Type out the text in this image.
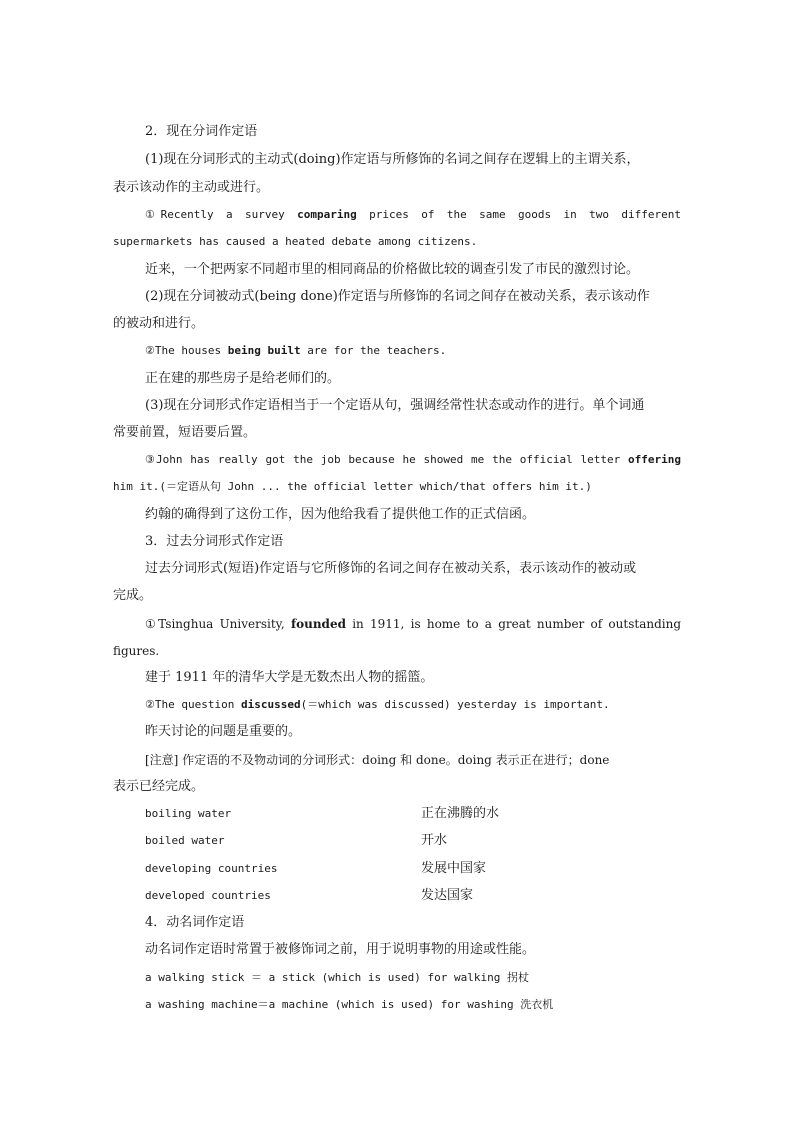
2．现在分词作定语
(1)现在分词形式的主动式(doing)作定语与所修饰的名词之间存在逻辑上的主谓关系，
表示该动作的主动或进行。
①Recently a survey comparing prices of the same goods in two different
supermarkets has caused a heated debate among citizens.
近来，一个把两家不同超市里的相同商品的价格做比较的调查引发了市民的激烈讨论。
(2)现在分词被动式(being done)作定语与所修饰的名词之间存在被动关系，表示该动作
的被动和进行。
②The houses being built are for the teachers.
正在建的那些房子是给老师们的。
(3)现在分词形式作定语相当于一个定语从句，强调经常性状态或动作的进行。单个词通
常要前置，短语要后置。
③John has really got the job because he showed me the official letter offering
him it.(＝定语从句 John ... the official letter which/that offers him it.)
约翰的确得到了这份工作，因为他给我看了提供他工作的正式信函。
3．过去分词形式作定语
过去分词形式(短语)作定语与它所修饰的名词之间存在被动关系，表示该动作的被动或
完成。
①Tsinghua University, founded in 1911, is home to a great number of outstanding
figures.
建于 1911 年的清华大学是无数杰出人物的摇篮。
②The question discussed(＝which was discussed) yesterday is important.
昨天讨论的问题是重要的。
[注意] 作定语的不及物动词的分词形式：doing 和 done。doing 表示正在进行；done
表示已经完成。
boiling water	正在沸腾的水
boiled water	开水
developing countries	发展中国家
developed countries	发达国家
4．动名词作定语
动名词作定语时常置于被修饰词之前，用于说明事物的用途或性能。
a walking stick ＝ a stick (which is used) for walking 拐杖
a washing machine＝a machine (which is used) for washing 洗衣机
